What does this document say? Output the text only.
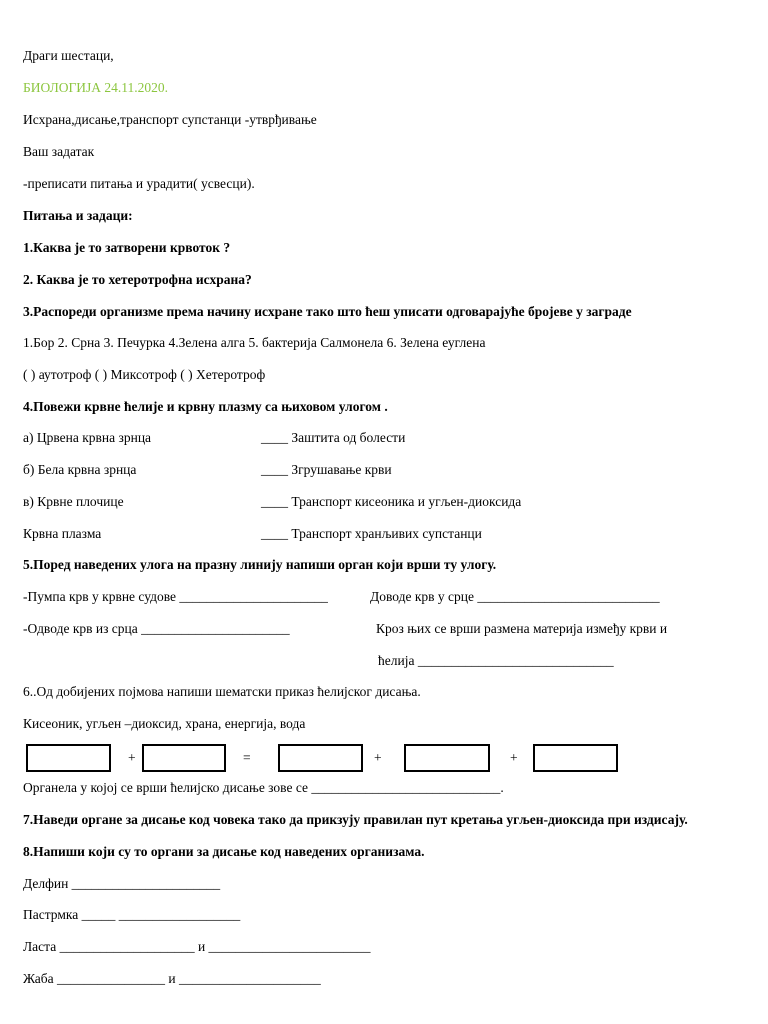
Драги шестаци,
БИОЛОГИЈА 24.11.2020.
Исхрана,дисање,транспорт супстанци -утврђивање
Ваш задатак
-преписати питања и урадити( усвесци).
Питања и задаци:
1.Каква је то затворени крвоток ?
2. Каква је то хетеротрофна исхрана?
3.Распореди организме према начину исхране тако што ћеш уписати одговарајуће бројеве у заграде
1.Бор 2. Срна 3. Печурка 4.Зелена алга 5. бактерија Салмонела 6. Зелена еуглена
( ) аутотроф ( ) Миксотроф ( ) Хетеротроф
4.Повежи крвне ћелије и крвну плазму са њиховом улогом .
а) Црвена крвна зрнца	____ Заштита од болести
б) Бела крвна зрнца	____ Згрушавање крви
в) Крвне плочице	____ Транспорт кисеоника и угљен-диоксида
Крвна плазма	____ Транспорт хранљивих супстанци
5.Поред наведених улога на празну линију напиши орган који врши ту улогу.
-Пумпа крв у крвне судове ______________________	Доводе крв у срце ___________________________
-Одводе крв из срца ______________________	Кроз њих се врши размена материја између крви и
ћелија _____________________________
6..Од добијених појмова напиши шематски приказ ћелијског дисања.
Кисеоник, угљен –диоксид, храна, енергија, вода
+	=	+	+
Органела у којој се врши ћелијско дисање зове се ____________________________.
7.Наведи органе за дисање код човека тако да прикзују правилан пут кретања угљен-диоксида при издисају.
8.Напиши који су то органи за дисање код наведених организама.
Делфин ______________________
Пастрмка _____ __________________
Ласта ____________________ и ________________________
Жаба ________________ и _____________________
